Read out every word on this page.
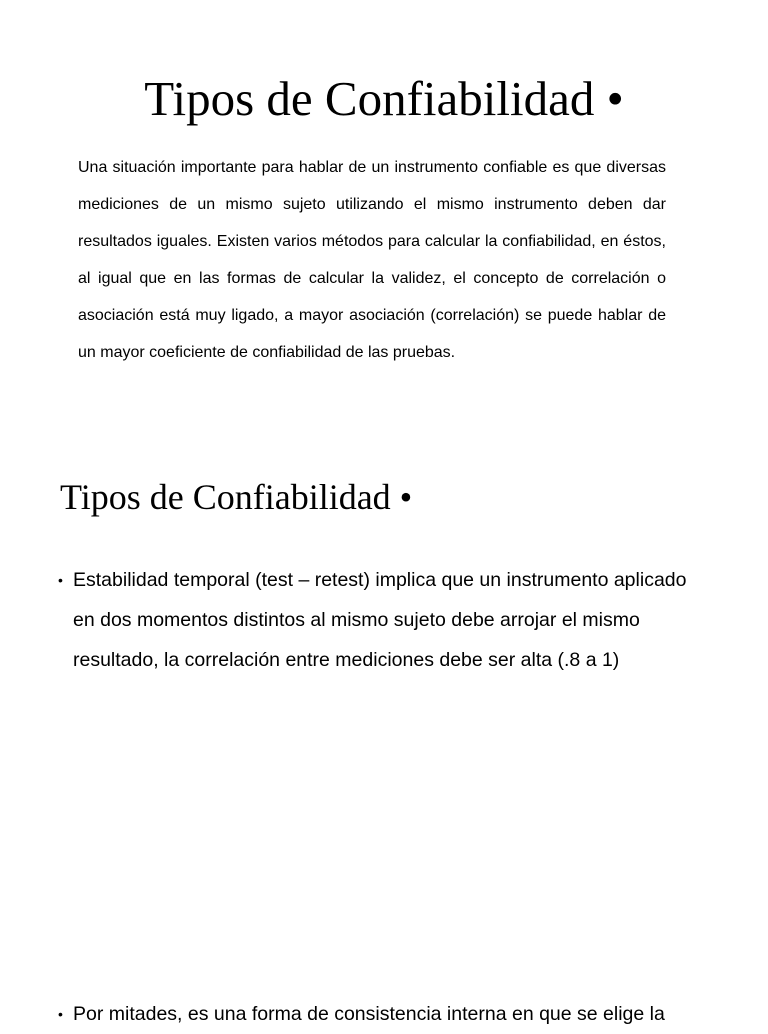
Tipos de Confiabilidad •

Una situación importante para hablar de un instrumento confiable es que diversas mediciones de un mismo sujeto utilizando el mismo instrumento deben dar resultados iguales. Existen varios métodos para calcular la confiabilidad, en éstos, al igual que en las formas de calcular la validez, el concepto de correlación o asociación está muy ligado, a mayor asociación (correlación) se puede hablar de un mayor coeficiente de confiabilidad de las pruebas.

Tipos de Confiabilidad •
• Estabilidad temporal (test – retest) implica que un instrumento aplicado en dos momentos distintos al mismo sujeto debe arrojar el mismo resultado, la correlación entre mediciones debe ser alta (.8 a 1)
• Por mitades, es una forma de consistencia interna en que se elige la
